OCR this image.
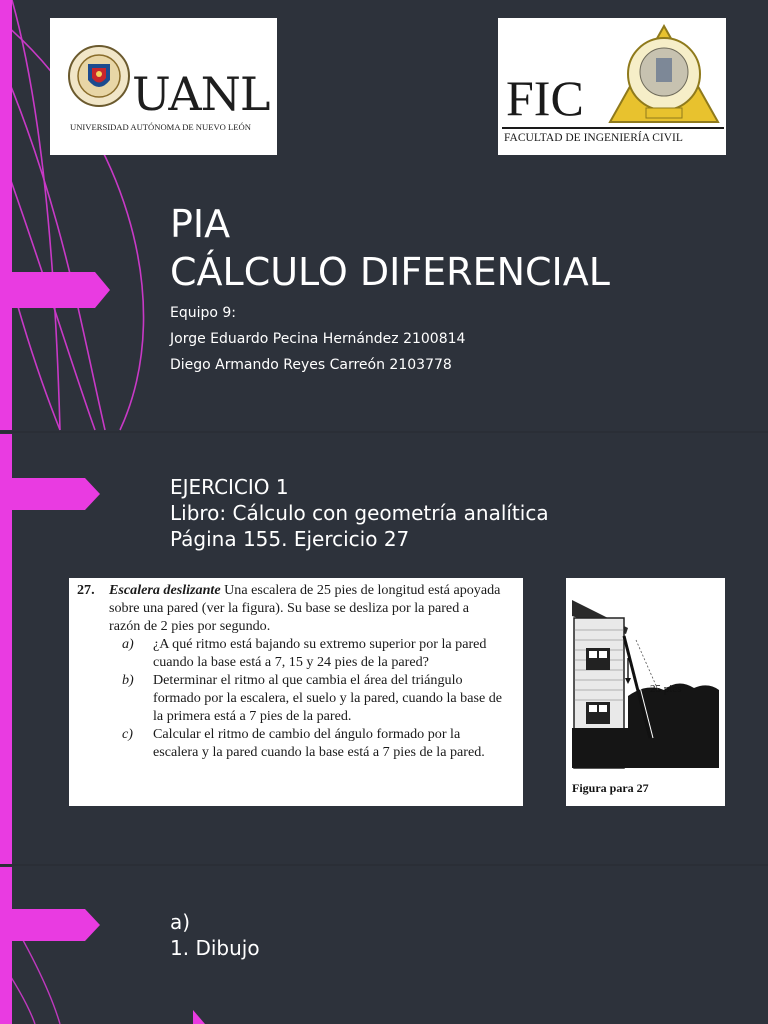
UANL
UNIVERSIDAD AUTÓNOMA DE NUEVO LEÓN
FIC
FACULTAD DE INGENIERÍA CIVIL
PIA
CÁLCULO DIFERENCIAL
Equipo 9:
Jorge Eduardo Pecina Hernández 2100814
Diego Armando Reyes Carreón 2103778
EJERCICIO 1
Libro: Cálculo con geometría analítica
Página 155. Ejercicio 27
27. Escalera deslizante Una escalera de 25 pies de longitud está apoyada sobre una pared (ver la figura). Su base se desliza por la pared a razón de 2 pies por segundo.
a) ¿A qué ritmo está bajando su extremo superior por la pared cuando la base está a 7, 15 y 24 pies de la pared?
b) Determinar el ritmo al que cambia el área del triángulo formado por la escalera, el suelo y la pared, cuando la base de la primera está a 7 pies de la pared.
c) Calcular el ritmo de cambio del ángulo formado por la escalera y la pared cuando la base está a 7 pies de la pared.
25 pies
Figura para 27
a)
1. Dibujo
